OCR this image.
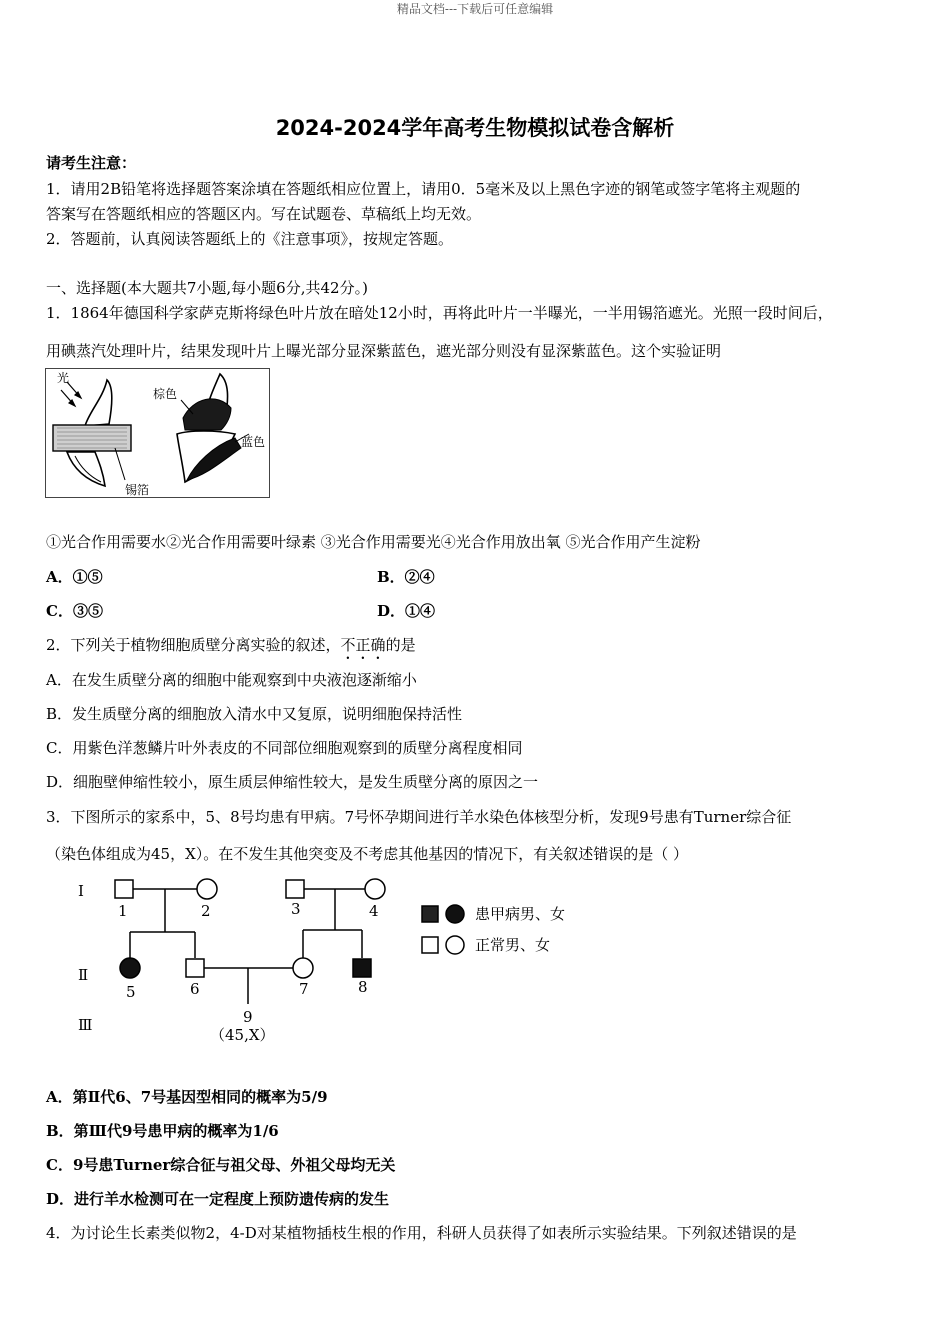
精品文档---下载后可任意编辑
2024-2024学年高考生物模拟试卷含解析
请考生注意：
1．请用2B铅笔将选择题答案涂填在答题纸相应位置上，请用0．5毫米及以上黑色字迹的钢笔或签字笔将主观题的
答案写在答题纸相应的答题区内。写在试题卷、草稿纸上均无效。
2．答题前，认真阅读答题纸上的《注意事项》，按规定答题。
一、选择题(本大题共7小题,每小题6分,共42分。)
1．1864年德国科学家萨克斯将绿色叶片放在暗处12小时，再将此叶片一半曝光，一半用锡箔遮光。光照一段时间后，
用碘蒸汽处理叶片，结果发现叶片上曝光部分显深紫蓝色，遮光部分则没有显深紫蓝色。这个实验证明
光
锡箔
棕色
蓝色
①光合作用需要水②光合作用需要叶绿素 ③光合作用需要光④光合作用放出氧 ⑤光合作用产生淀粉
A．①⑤	B．②④
C．③⑤	D．①④
2．下列关于植物细胞质壁分离实验的叙述，不正确的是
A．在发生质壁分离的细胞中能观察到中央液泡逐渐缩小
B．发生质壁分离的细胞放入清水中又复原，说明细胞保持活性
C．用紫色洋葱鳞片叶外表皮的不同部位细胞观察到的质壁分离程度相同
D．细胞壁伸缩性较小，原生质层伸缩性较大，是发生质壁分离的原因之一
3．下图所示的家系中，5、8号均患有甲病。7号怀孕期间进行羊水染色体核型分析，发现9号患有Turner综合征
（染色体组成为45，X）。在不发生其他突变及不考虑其他基因的情况下，有关叙述错误的是（ ）
Ⅰ
Ⅱ
Ⅲ
1	2	3	4
5	6	7	8
9
（45,X）
患甲病男、女
正常男、女
A．第Ⅱ代6、7号基因型相同的概率为5/9
B．第Ⅲ代9号患甲病的概率为1/6
C．9号患Turner综合征与祖父母、外祖父母均无关
D．进行羊水检测可在一定程度上预防遗传病的发生
4．为讨论生长素类似物2，4-D对某植物插枝生根的作用，科研人员获得了如表所示实验结果。下列叙述错误的是
